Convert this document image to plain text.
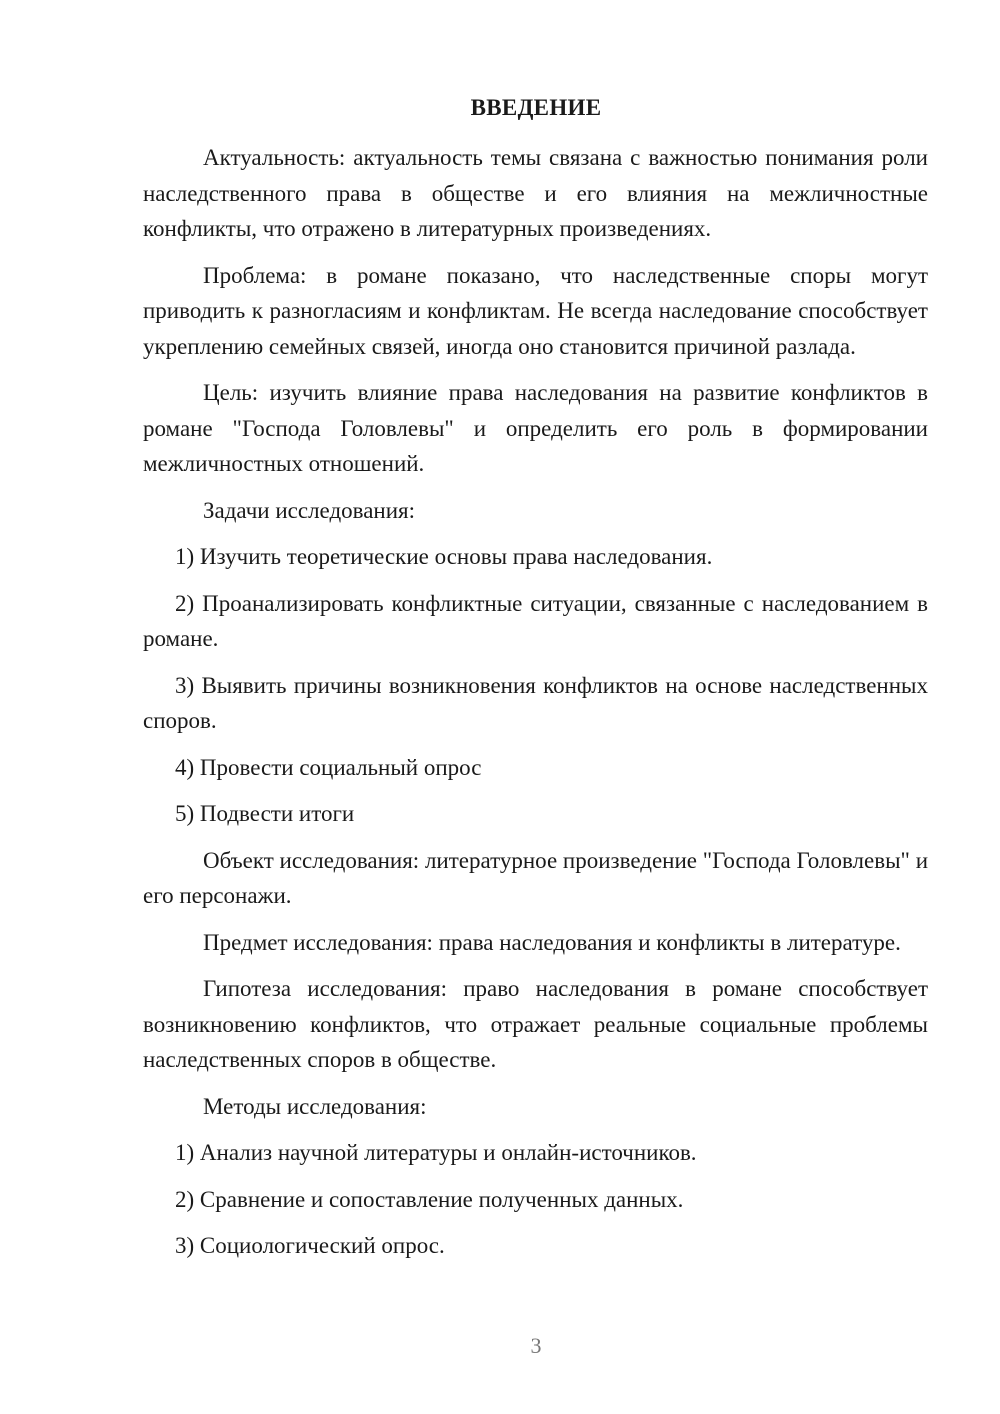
ВВЕДЕНИЕ

Актуальность: актуальность темы связана с важностью понимания роли наследственного права в обществе и его влияния на межличностные конфликты, что отражено в литературных произведениях.

Проблема: в романе показано, что наследственные споры могут приводить к разногласиям и конфликтам. Не всегда наследование способствует укреплению семейных связей, иногда оно становится причиной разлада.

Цель: изучить влияние права наследования на развитие конфликтов в романе "Господа Головлевы" и определить его роль в формировании межличностных отношений.

Задачи исследования:

1) Изучить теоретические основы права наследования.

2) Проанализировать конфликтные ситуации, связанные с наследованием в романе.

3) Выявить причины возникновения конфликтов на основе наследственных споров.

4) Провести социальный опрос

5) Подвести итоги

Объект исследования: литературное произведение "Господа Головлевы" и его персонажи.

Предмет исследования: права наследования и конфликты в литературе.

Гипотеза исследования: право наследования в романе способствует возникновению конфликтов, что отражает реальные социальные проблемы наследственных споров в обществе.

Методы исследования:

1) Анализ научной литературы и онлайн-источников.

2) Сравнение и сопоставление полученных данных.

3) Социологический опрос.

3
